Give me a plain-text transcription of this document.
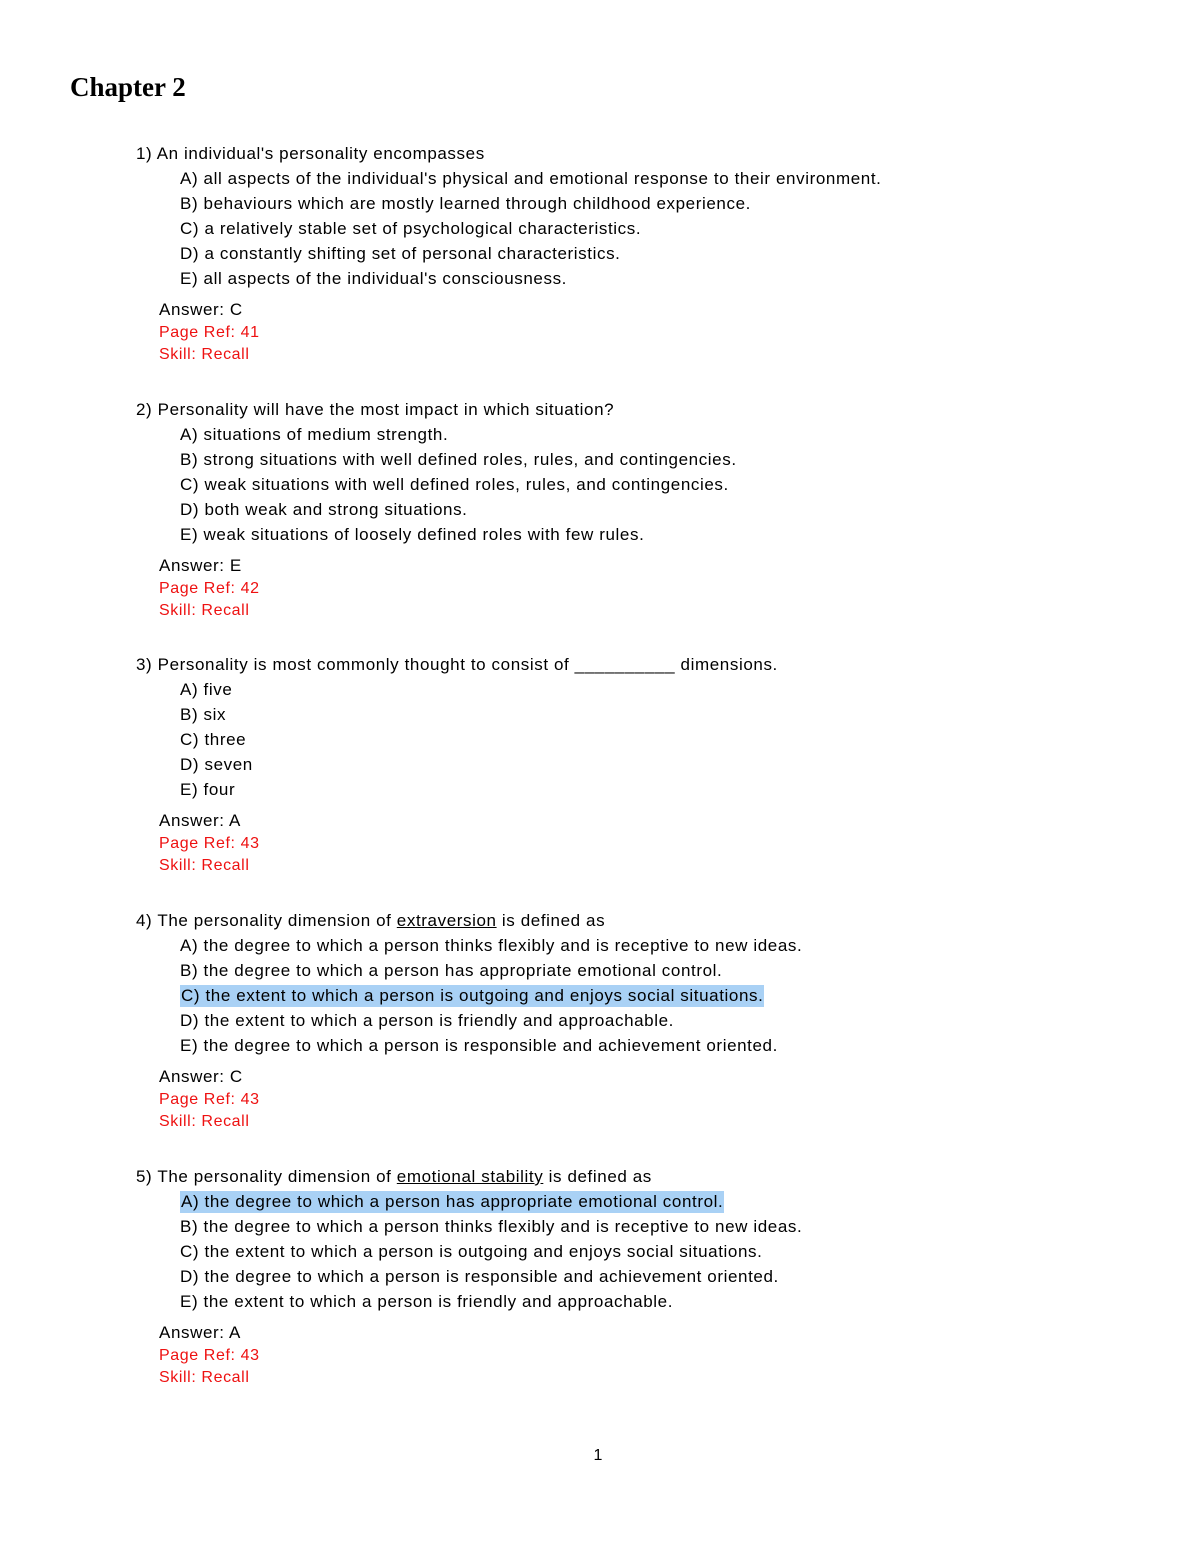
Chapter 2
1) An individual's personality encompasses
A) all aspects of the individual's physical and emotional response to their environment.
B) behaviours which are mostly learned through childhood experience.
C) a relatively stable set of psychological characteristics.
D) a constantly shifting set of personal characteristics.
E) all aspects of the individual's consciousness.
Answer: C
Page Ref: 41
Skill: Recall
2) Personality will have the most impact in which situation?
A) situations of medium strength.
B) strong situations with well defined roles, rules, and contingencies.
C) weak situations with well defined roles, rules, and contingencies.
D) both weak and strong situations.
E) weak situations of loosely defined roles with few rules.
Answer: E
Page Ref: 42
Skill: Recall
3) Personality is most commonly thought to consist of __________ dimensions.
A) five
B) six
C) three
D) seven
E) four
Answer: A
Page Ref: 43
Skill: Recall
4) The personality dimension of extraversion is defined as
A) the degree to which a person thinks flexibly and is receptive to new ideas.
B) the degree to which a person has appropriate emotional control.
C) the extent to which a person is outgoing and enjoys social situations.
D) the extent to which a person is friendly and approachable.
E) the degree to which a person is responsible and achievement oriented.
Answer: C
Page Ref: 43
Skill: Recall
5) The personality dimension of emotional stability is defined as
A) the degree to which a person has appropriate emotional control.
B) the degree to which a person thinks flexibly and is receptive to new ideas.
C) the extent to which a person is outgoing and enjoys social situations.
D) the degree to which a person is responsible and achievement oriented.
E) the extent to which a person is friendly and approachable.
Answer: A
Page Ref: 43
Skill: Recall
1
